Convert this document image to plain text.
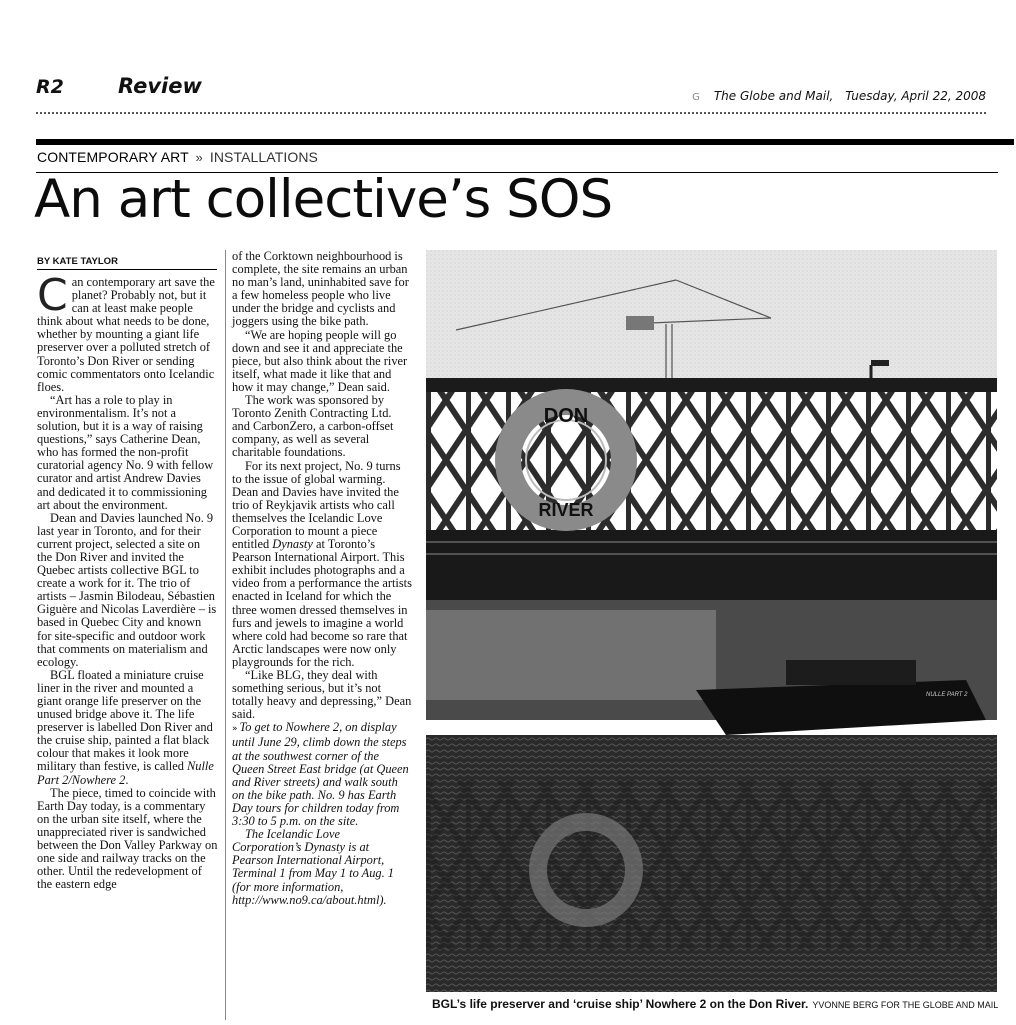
R2	Review	G The Globe and Mail, Tuesday, April 22, 2008
CONTEMPORARY ART » INSTALLATIONS
An art collective’s SOS
BY KATE TAYLOR

Can contemporary art save the planet? Probably not, but it can at least make people think about what needs to be done, whether by mounting a giant life preserver over a polluted stretch of Toronto’s Don River or sending comic commentators onto Icelandic floes.

“Art has a role to play in environmentalism. It’s not a solution, but it is a way of raising questions,” says Catherine Dean, who has formed the non-profit curatorial agency No. 9 with fellow curator and artist Andrew Davies and dedicated it to commissioning art about the environment.

Dean and Davies launched No. 9 last year in Toronto, and for their current project, selected a site on the Don River and invited the Quebec artists collective BGL to create a work for it. The trio of artists – Jasmin Bilodeau, Sébastien Giguère and Nicolas Laverdière – is based in Quebec City and known for site-specific and outdoor work that comments on materialism and ecology.

BGL floated a miniature cruise liner in the river and mounted a giant orange life preserver on the unused bridge above it. The life preserver is labelled Don River and the cruise ship, painted a flat black colour that makes it look more military than festive, is called Nulle Part 2/Nowhere 2.

The piece, timed to coincide with Earth Day today, is a commentary on the urban site itself, where the unappreciated river is sandwiched between the Don Valley Parkway on one side and railway tracks on the other. Until the redevelopment of the eastern edge

of the Corktown neighbourhood is complete, the site remains an urban no man’s land, uninhabited save for a few homeless people who live under the bridge and cyclists and joggers using the bike path.

“We are hoping people will go down and see it and appreciate the piece, but also think about the river itself, what made it like that and how it may change,” Dean said.

The work was sponsored by Toronto Zenith Contracting Ltd. and CarbonZero, a carbon-offset company, as well as several charitable foundations.

For its next project, No. 9 turns to the issue of global warming. Dean and Davies have invited the trio of Reykjavik artists who call themselves the Icelandic Love Corporation to mount a piece entitled Dynasty at Toronto’s Pearson International Airport. This exhibit includes photographs and a video from a performance the artists enacted in Iceland for which the three women dressed themselves in furs and jewels to imagine a world where cold had become so rare that Arctic landscapes were now only playgrounds for the rich.

“Like BLG, they deal with something serious, but it’s not totally heavy and depressing,” Dean said.

» To get to Nowhere 2, on display until June 29, climb down the steps at the southwest corner of the Queen Street East bridge (at Queen and River streets) and walk south on the bike path. No. 9 has Earth Day tours for children today from 3:30 to 5 p.m. on the site.

The Icelandic Love Corporation’s Dynasty is at Pearson International Airport, Terminal 1 from May 1 to Aug. 1 (for more information, http://www.no9.ca/about.html).

DON
RIVER
NULLE PART 2
BGL’s life preserver and ‘cruise ship’ Nowhere 2 on the Don River. YVONNE BERG FOR THE GLOBE AND MAIL
